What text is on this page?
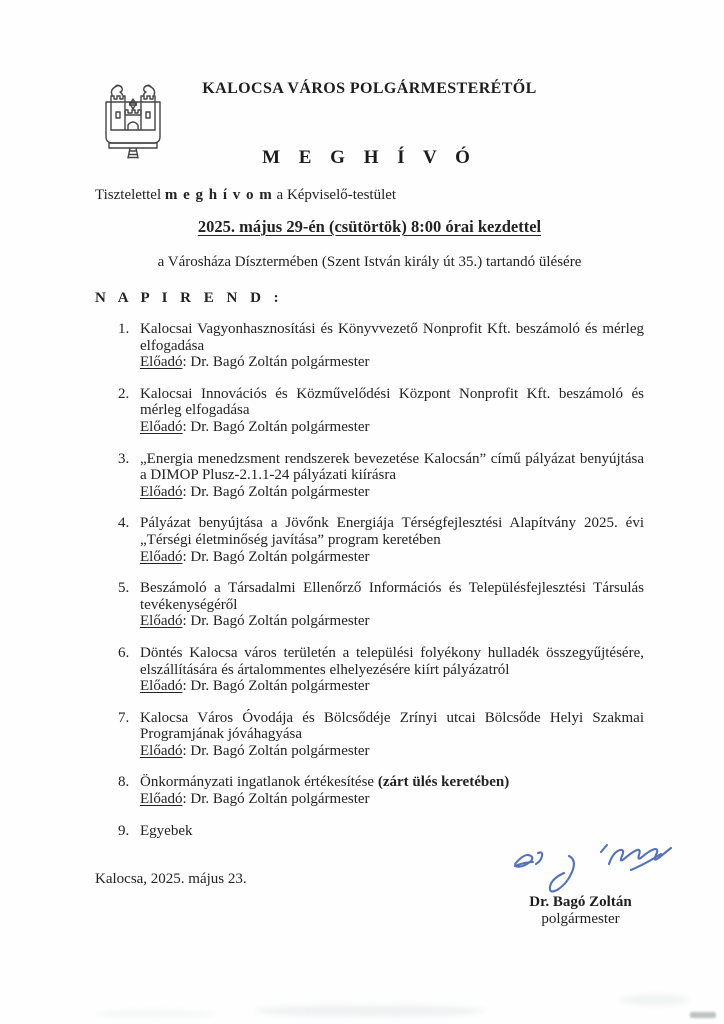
KALOCSA VÁROS POLGÁRMESTERÉTŐL
M E G H Í V Ó
Tisztelettel m e g h í v o m a Képviselő-testület
2025. május 29-én (csütörtök) 8:00 órai kezdettel
a Városháza Dísztermében (Szent István király út 35.) tartandó ülésére
N A P I R E N D :
1. Kalocsai Vagyonhasznosítási és Könyvvezető Nonprofit Kft. beszámoló és mérleg elfogadása

Előadó: Dr. Bagó Zoltán polgármester

2. Kalocsai Innovációs és Közművelődési Központ Nonprofit Kft. beszámoló és mérleg elfogadása

Előadó: Dr. Bagó Zoltán polgármester

3. „Energia menedzsment rendszerek bevezetése Kalocsán” című pályázat benyújtása a DIMOP Plusz-2.1.1-24 pályázati kiírásra

Előadó: Dr. Bagó Zoltán polgármester

4. Pályázat benyújtása a Jövőnk Energiája Térségfejlesztési Alapítvány 2025. évi „Térségi életminőség javítása” program keretében

Előadó: Dr. Bagó Zoltán polgármester

5. Beszámoló a Társadalmi Ellenőrző Információs és Településfejlesztési Társulás tevékenységéről

Előadó: Dr. Bagó Zoltán polgármester

6. Döntés Kalocsa város területén a települési folyékony hulladék összegyűjtésére, elszállítására és ártalommentes elhelyezésére kiírt pályázatról

Előadó: Dr. Bagó Zoltán polgármester

7. Kalocsa Város Óvodája és Bölcsődéje Zrínyi utcai Bölcsőde Helyi Szakmai Programjának jóváhagyása

Előadó: Dr. Bagó Zoltán polgármester

8. Önkormányzati ingatlanok értékesítése (zárt ülés keretében)

Előadó: Dr. Bagó Zoltán polgármester

9. Egyebek

Kalocsa, 2025. május 23.
Dr. Bagó Zoltán
polgármester
